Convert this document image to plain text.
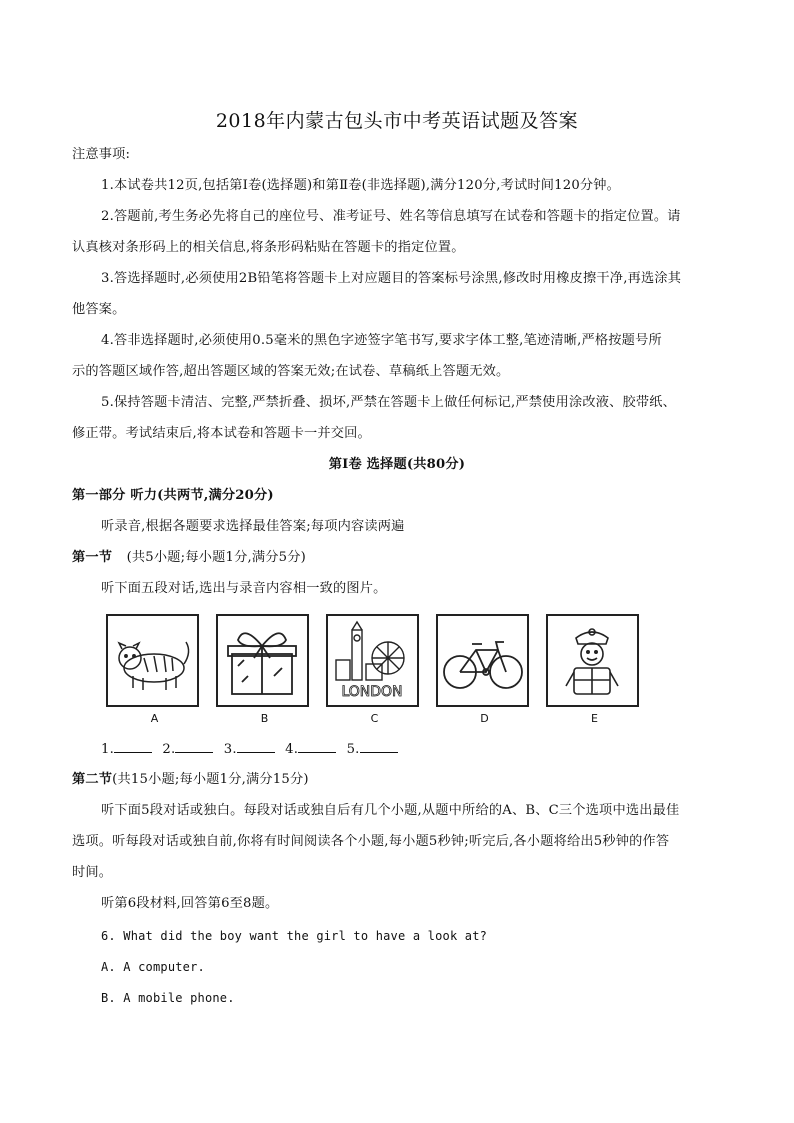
2018年内蒙古包头市中考英语试题及答案
注意事项:
1.本试卷共12页,包括第Ⅰ卷(选择题)和第Ⅱ卷(非选择题),满分120分,考试时间120分钟。
2.答题前,考生务必先将自己的座位号、准考证号、姓名等信息填写在试卷和答题卡的指定位置。请
认真核对条形码上的相关信息,将条形码粘贴在答题卡的指定位置。
3.答选择题时,必须使用2B铅笔将答题卡上对应题目的答案标号涂黑,修改时用橡皮擦干净,再选涂其
他答案。
4.答非选择题时,必须使用0.5毫米的黑色字迹签字笔书写,要求字体工整,笔迹清晰,严格按题号所
示的答题区域作答,超出答题区域的答案无效;在试卷、草稿纸上答题无效。
5.保持答题卡清洁、完整,严禁折叠、损坏,严禁在答题卡上做任何标记,严禁使用涂改液、胶带纸、
修正带。考试结束后,将本试卷和答题卡一并交回。
第Ⅰ卷 选择题(共80分)
第一部分 听力(共两节,满分20分)
听录音,根据各题要求选择最佳答案;每项内容读两遍
第一节 (共5小题;每小题1分,满分5分)
听下面五段对话,选出与录音内容相一致的图片。
A	B
LONDON
C	D	E
1.	2.	3.	4.	5.
第二节(共15小题;每小题1分,满分15分)
听下面5段对话或独白。每段对话或独自后有几个小题,从题中所给的A、B、C三个选项中选出最佳
选项。听每段对话或独自前,你将有时间阅读各个小题,每小题5秒钟;听完后,各小题将给出5秒钟的作答
时间。
听第6段材料,回答第6至8题。
6. What did the boy want the girl to have a look at?
A. A computer.
B. A mobile phone.
